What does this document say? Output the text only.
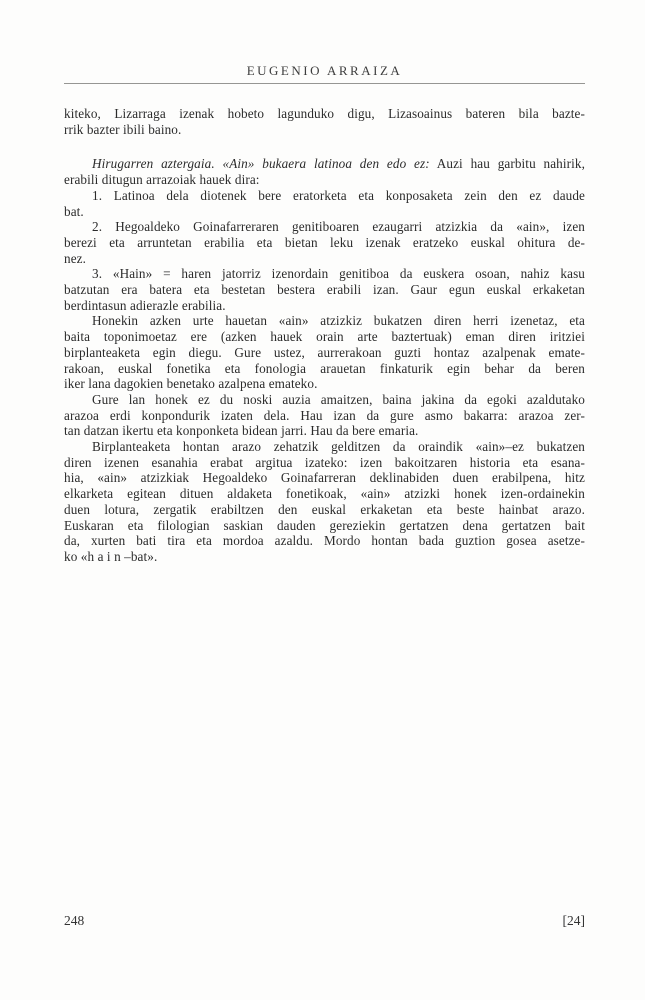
EUGENIO ARRAIZA
kiteko, Lizarraga izenak hobeto lagunduko digu, Lizasoainus bateren bila bazte-
rrik bazter ibili baino.
Hirugarren aztergaia. «Ain» bukaera latinoa den edo ez: Auzi hau garbitu nahirik,
erabili ditugun arrazoiak hauek dira:
1. Latinoa dela diotenek bere eratorketa eta konposaketa zein den ez daude
bat.
2. Hegoaldeko Goinafarreraren genitiboaren ezaugarri atzizkia da «ain», izen
berezi eta arruntetan erabilia eta bietan leku izenak eratzeko euskal ohitura de-
nez.
3. «Hain» = haren jatorriz izenordain genitiboa da euskera osoan, nahiz kasu
batzutan era batera eta bestetan bestera erabili izan. Gaur egun euskal erkaketan
berdintasun adierazle erabilia.
Honekin azken urte hauetan «ain» atzizkiz bukatzen diren herri izenetaz, eta
baita toponimoetaz ere (azken hauek orain arte baztertuak) eman diren iritziei
birplanteaketa egin diegu. Gure ustez, aurrerakoan guzti hontaz azalpenak emate-
rakoan, euskal fonetika eta fonologia arauetan finkaturik egin behar da beren
iker lana dagokien benetako azalpena emateko.
Gure lan honek ez du noski auzia amaitzen, baina jakina da egoki azaldutako
arazoa erdi konpondurik izaten dela. Hau izan da gure asmo bakarra: arazoa zer-
tan datzan ikertu eta konponketa bidean jarri. Hau da bere emaria.
Birplanteaketa hontan arazo zehatzik gelditzen da oraindik «ain»–ez bukatzen
diren izenen esanahia erabat argitua izateko: izen bakoitzaren historia eta esana-
hia, «ain» atzizkiak Hegoaldeko Goinafarreran deklinabiden duen erabilpena, hitz
elkarketa egitean dituen aldaketa fonetikoak, «ain» atzizki honek izen-ordainekin
duen lotura, zergatik erabiltzen den euskal erkaketan eta beste hainbat arazo.
Euskaran eta filologian saskian dauden gereziekin gertatzen dena gertatzen bait
da, xurten bati tira eta mordoa azaldu. Mordo hontan bada guztion gosea asetze-
ko «h a i n –bat».
248	[24]
